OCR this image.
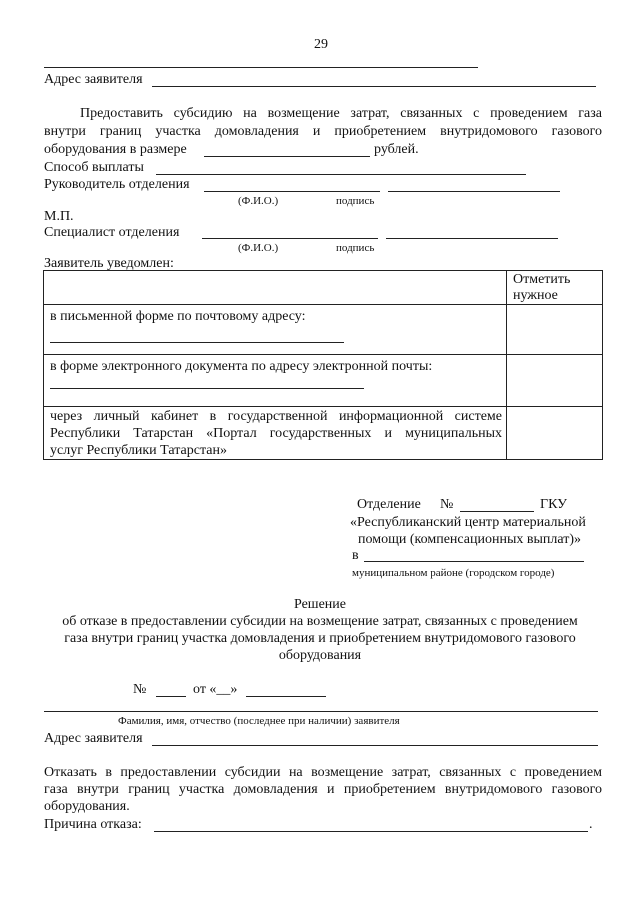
29
Адрес заявителя
Предоставить субсидию на возмещение затрат, связанных с проведением газа
внутри границ участка домовладения и приобретением внутридомового газового
оборудования в размере	рублей.
Способ выплаты
Руководитель отделения
(Ф.И.О.)	подпись
М.П.
Специалист отделения
(Ф.И.О.)	подпись
Заявитель уведомлен:
Отметить нужное
в письменной форме по почтовому адресу:
в форме электронного документа по адресу электронной почты:
через личный кабинет в государственной информационной системе
Республики Татарстан «Портал государственных и муниципальных
услуг Республики Татарстан»
Отделение №	ГКУ
«Республиканский центр материальной
помощи (компенсационных выплат)»
в
муниципальном районе (городском городе)
Решение
об отказе в предоставлении субсидии на возмещение затрат, связанных с проведением
газа внутри границ участка домовладения и приобретением внутридомового газового
оборудования
№	от «__»
Фамилия, имя, отчество (последнее при наличии) заявителя
Адрес заявителя
Отказать в предоставлении субсидии на возмещение затрат, связанных с проведением
газа внутри границ участка домовладения и приобретением внутридомового газового
оборудования.
Причина отказа:	.
